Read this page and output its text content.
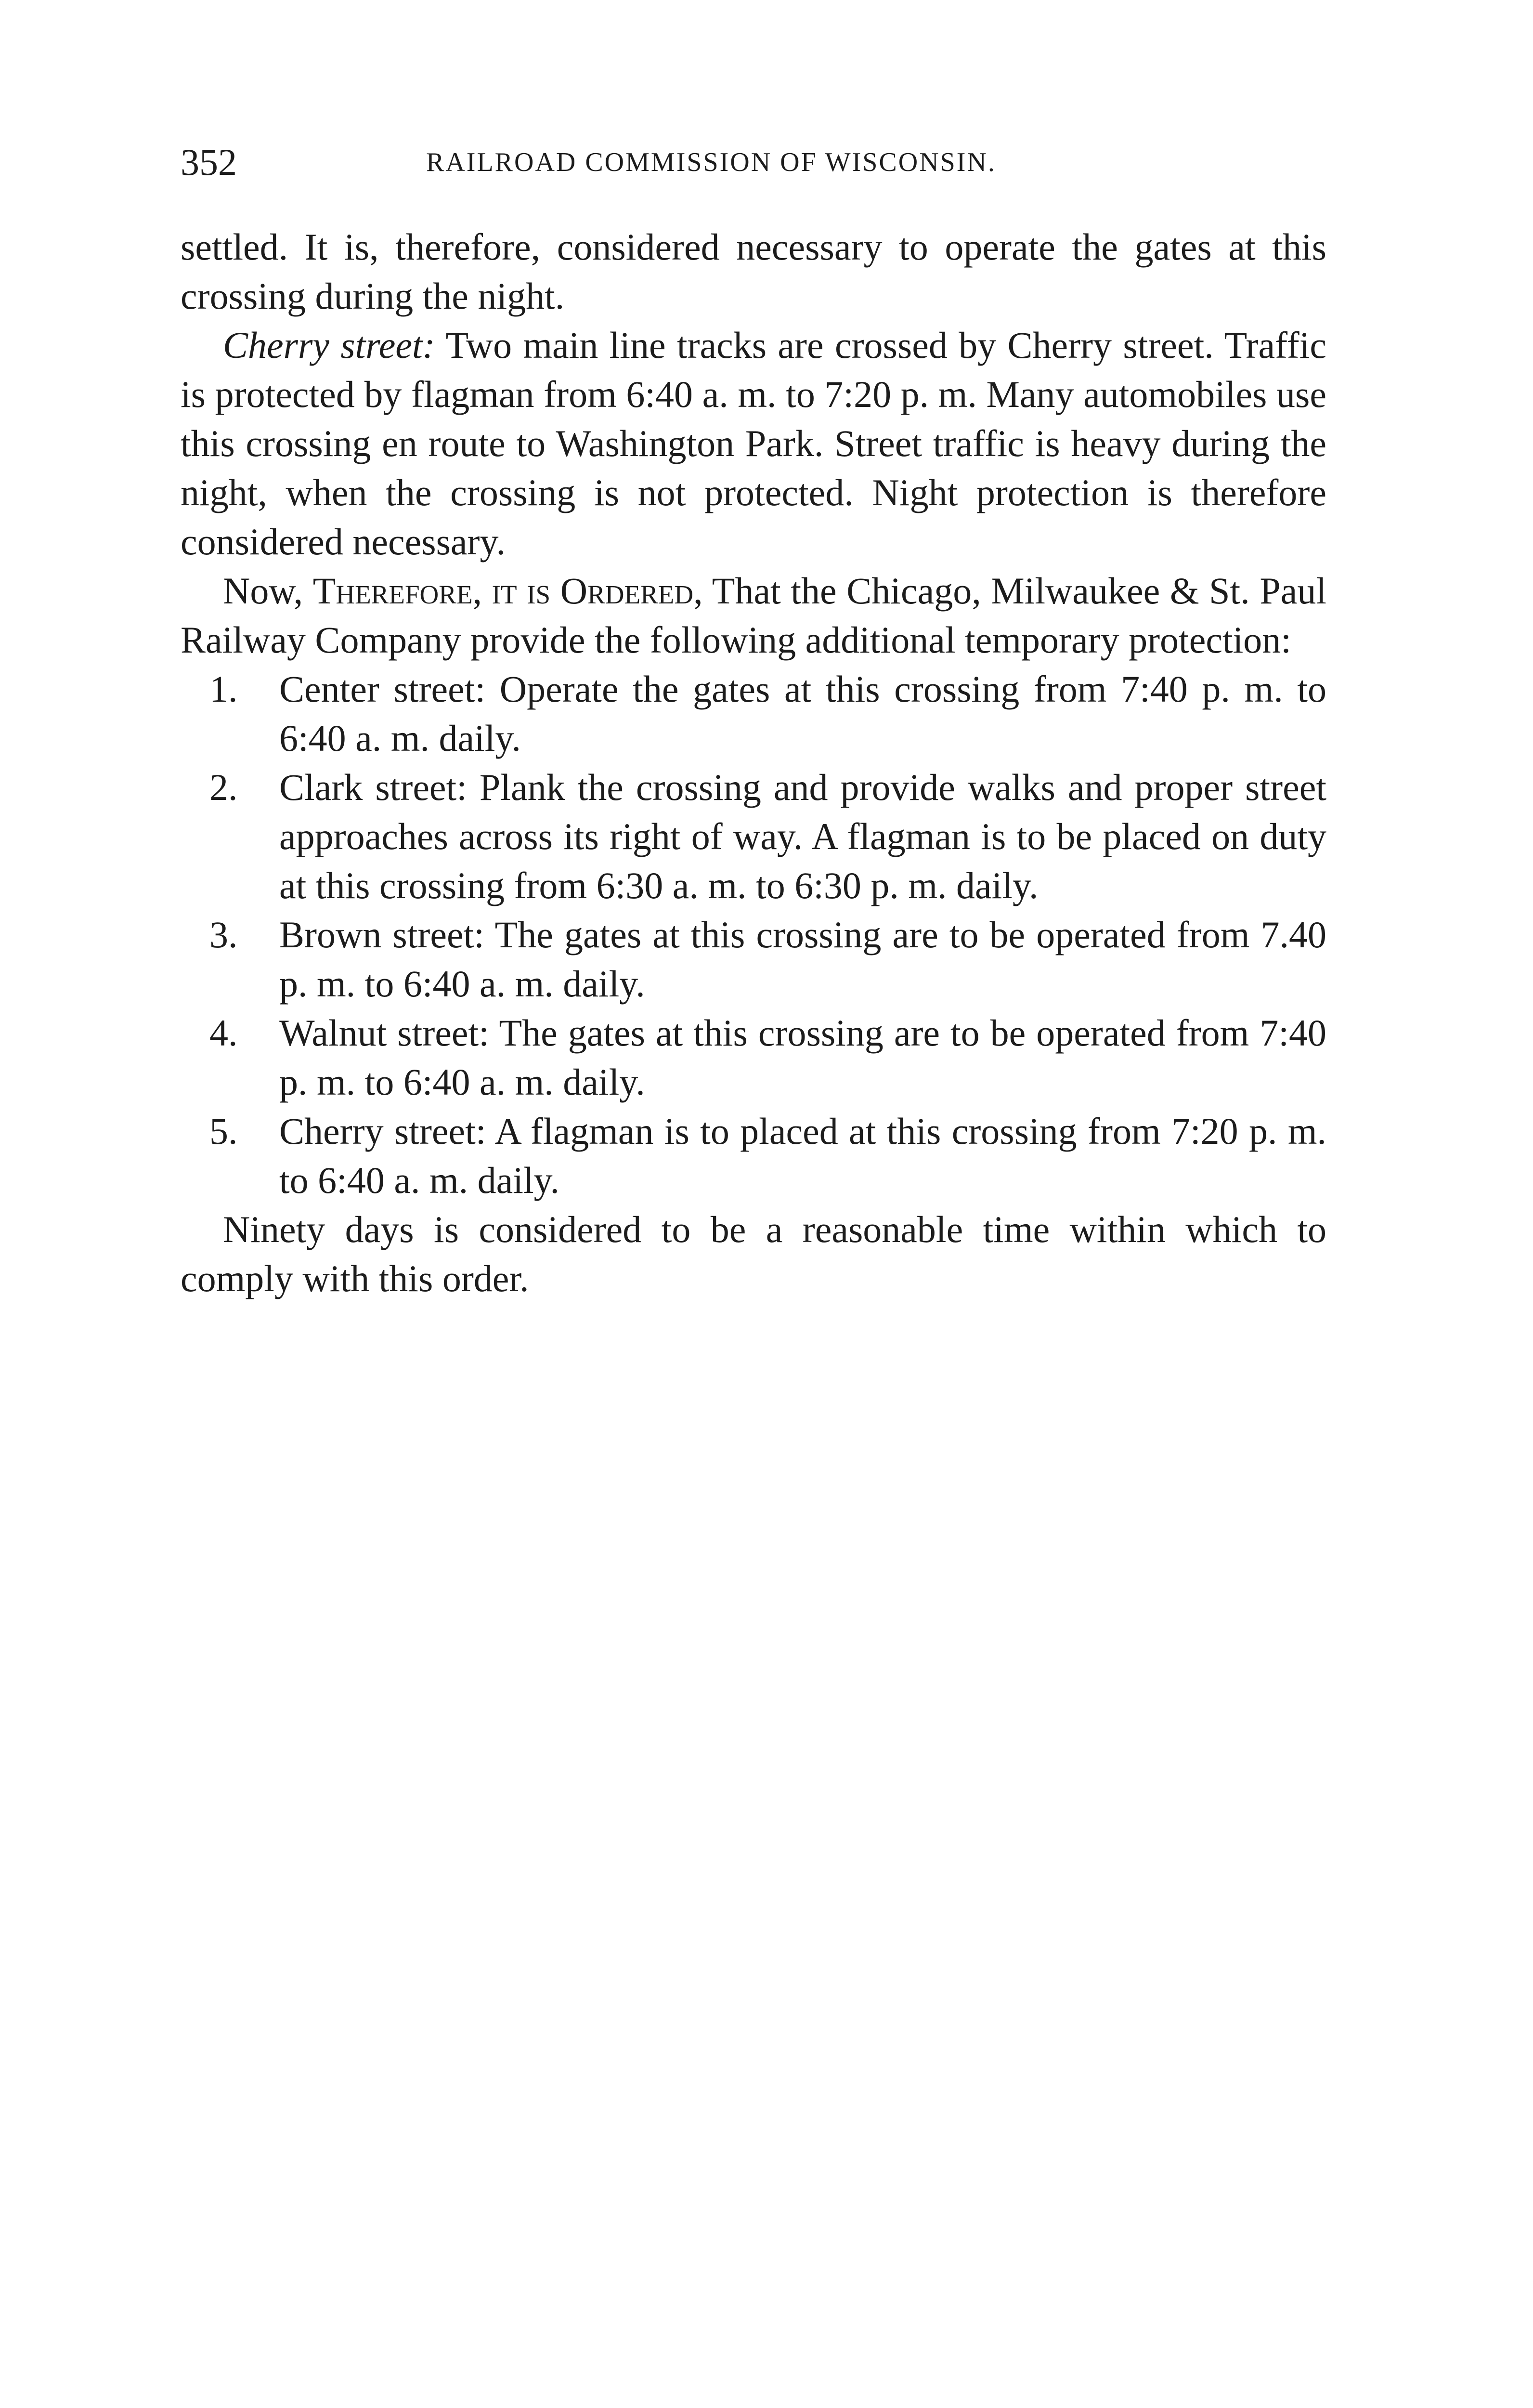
352	RAILROAD COMMISSION OF WISCONSIN.

settled. It is, therefore, considered necessary to operate the gates at this crossing during the night.

Cherry street: Two main line tracks are crossed by Cherry street. Traffic is protected by flagman from 6:40 a. m. to 7:20 p. m. Many automobiles use this crossing en route to Washington Park. Street traffic is heavy during the night, when the crossing is not protected. Night protection is therefore considered necessary.

Now, Therefore, it is Ordered, That the Chicago, Milwaukee & St. Paul Railway Company provide the following additional temporary protection:

1. Center street: Operate the gates at this crossing from 7:40 p. m. to 6:40 a. m. daily.
2. Clark street: Plank the crossing and provide walks and proper street approaches across its right of way. A flagman is to be placed on duty at this crossing from 6:30 a. m. to 6:30 p. m. daily.
3. Brown street: The gates at this crossing are to be operated from 7.40 p. m. to 6:40 a. m. daily.
4. Walnut street: The gates at this crossing are to be operated from 7:40 p. m. to 6:40 a. m. daily.
5. Cherry street: A flagman is to placed at this crossing from 7:20 p. m. to 6:40 a. m. daily.

Ninety days is considered to be a reasonable time within which to comply with this order.
